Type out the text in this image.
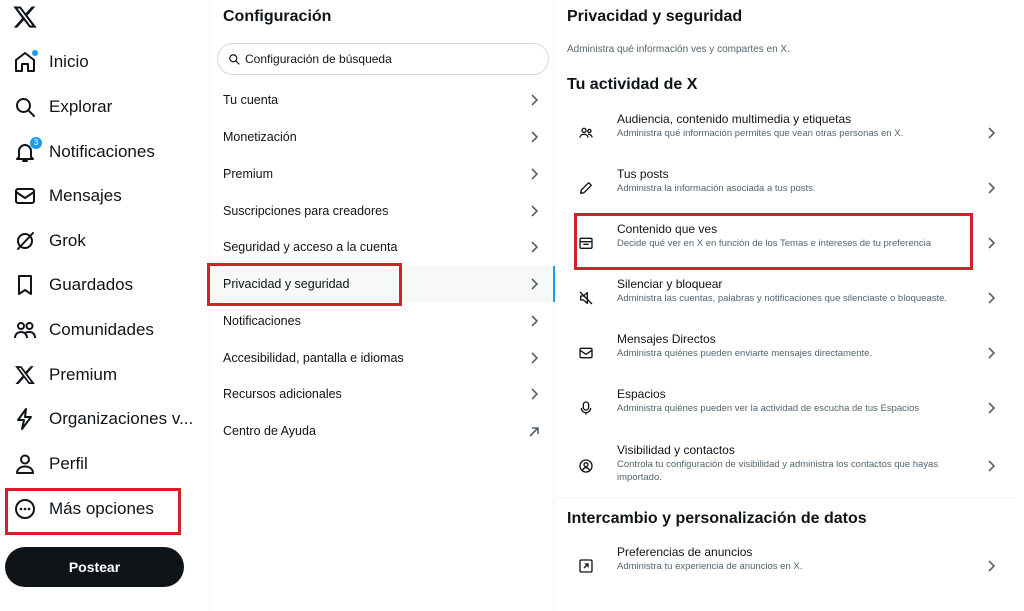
Inicio
Explorar
3 Notificaciones
Mensajes
Grok
Guardados
Comunidades
Premium
Organizaciones v...
Perfil
Más opciones
Postear
Configuración
Configuración de búsqueda
Tu cuenta
Monetización
Premium
Suscripciones para creadores
Seguridad y acceso a la cuenta
Privacidad y seguridad
Notificaciones
Accesibilidad, pantalla e idiomas
Recursos adicionales
Centro de Ayuda
Privacidad y seguridad
Administra qué información ves y compartes en X.
Tu actividad de X
Audiencia, contenido multimedia y etiquetas
Administra qué información permites que vean otras personas en X.
Tus posts
Administra la información asociada a tus posts.
Contenido que ves
Decide qué ver en X en función de los Temas e intereses de tu preferencia
Silenciar y bloquear
Administra las cuentas, palabras y notificaciones que silenciaste o bloqueaste.
Mensajes Directos
Administra quiénes pueden enviarte mensajes directamente.
Espacios
Administra quiénes pueden ver la actividad de escucha de tus Espacios
Visibilidad y contactos
Controla tu configuración de visibilidad y administra los contactos que hayas importado.
Intercambio y personalización de datos
Preferencias de anuncios
Administra tu experiencia de anuncios en X.
